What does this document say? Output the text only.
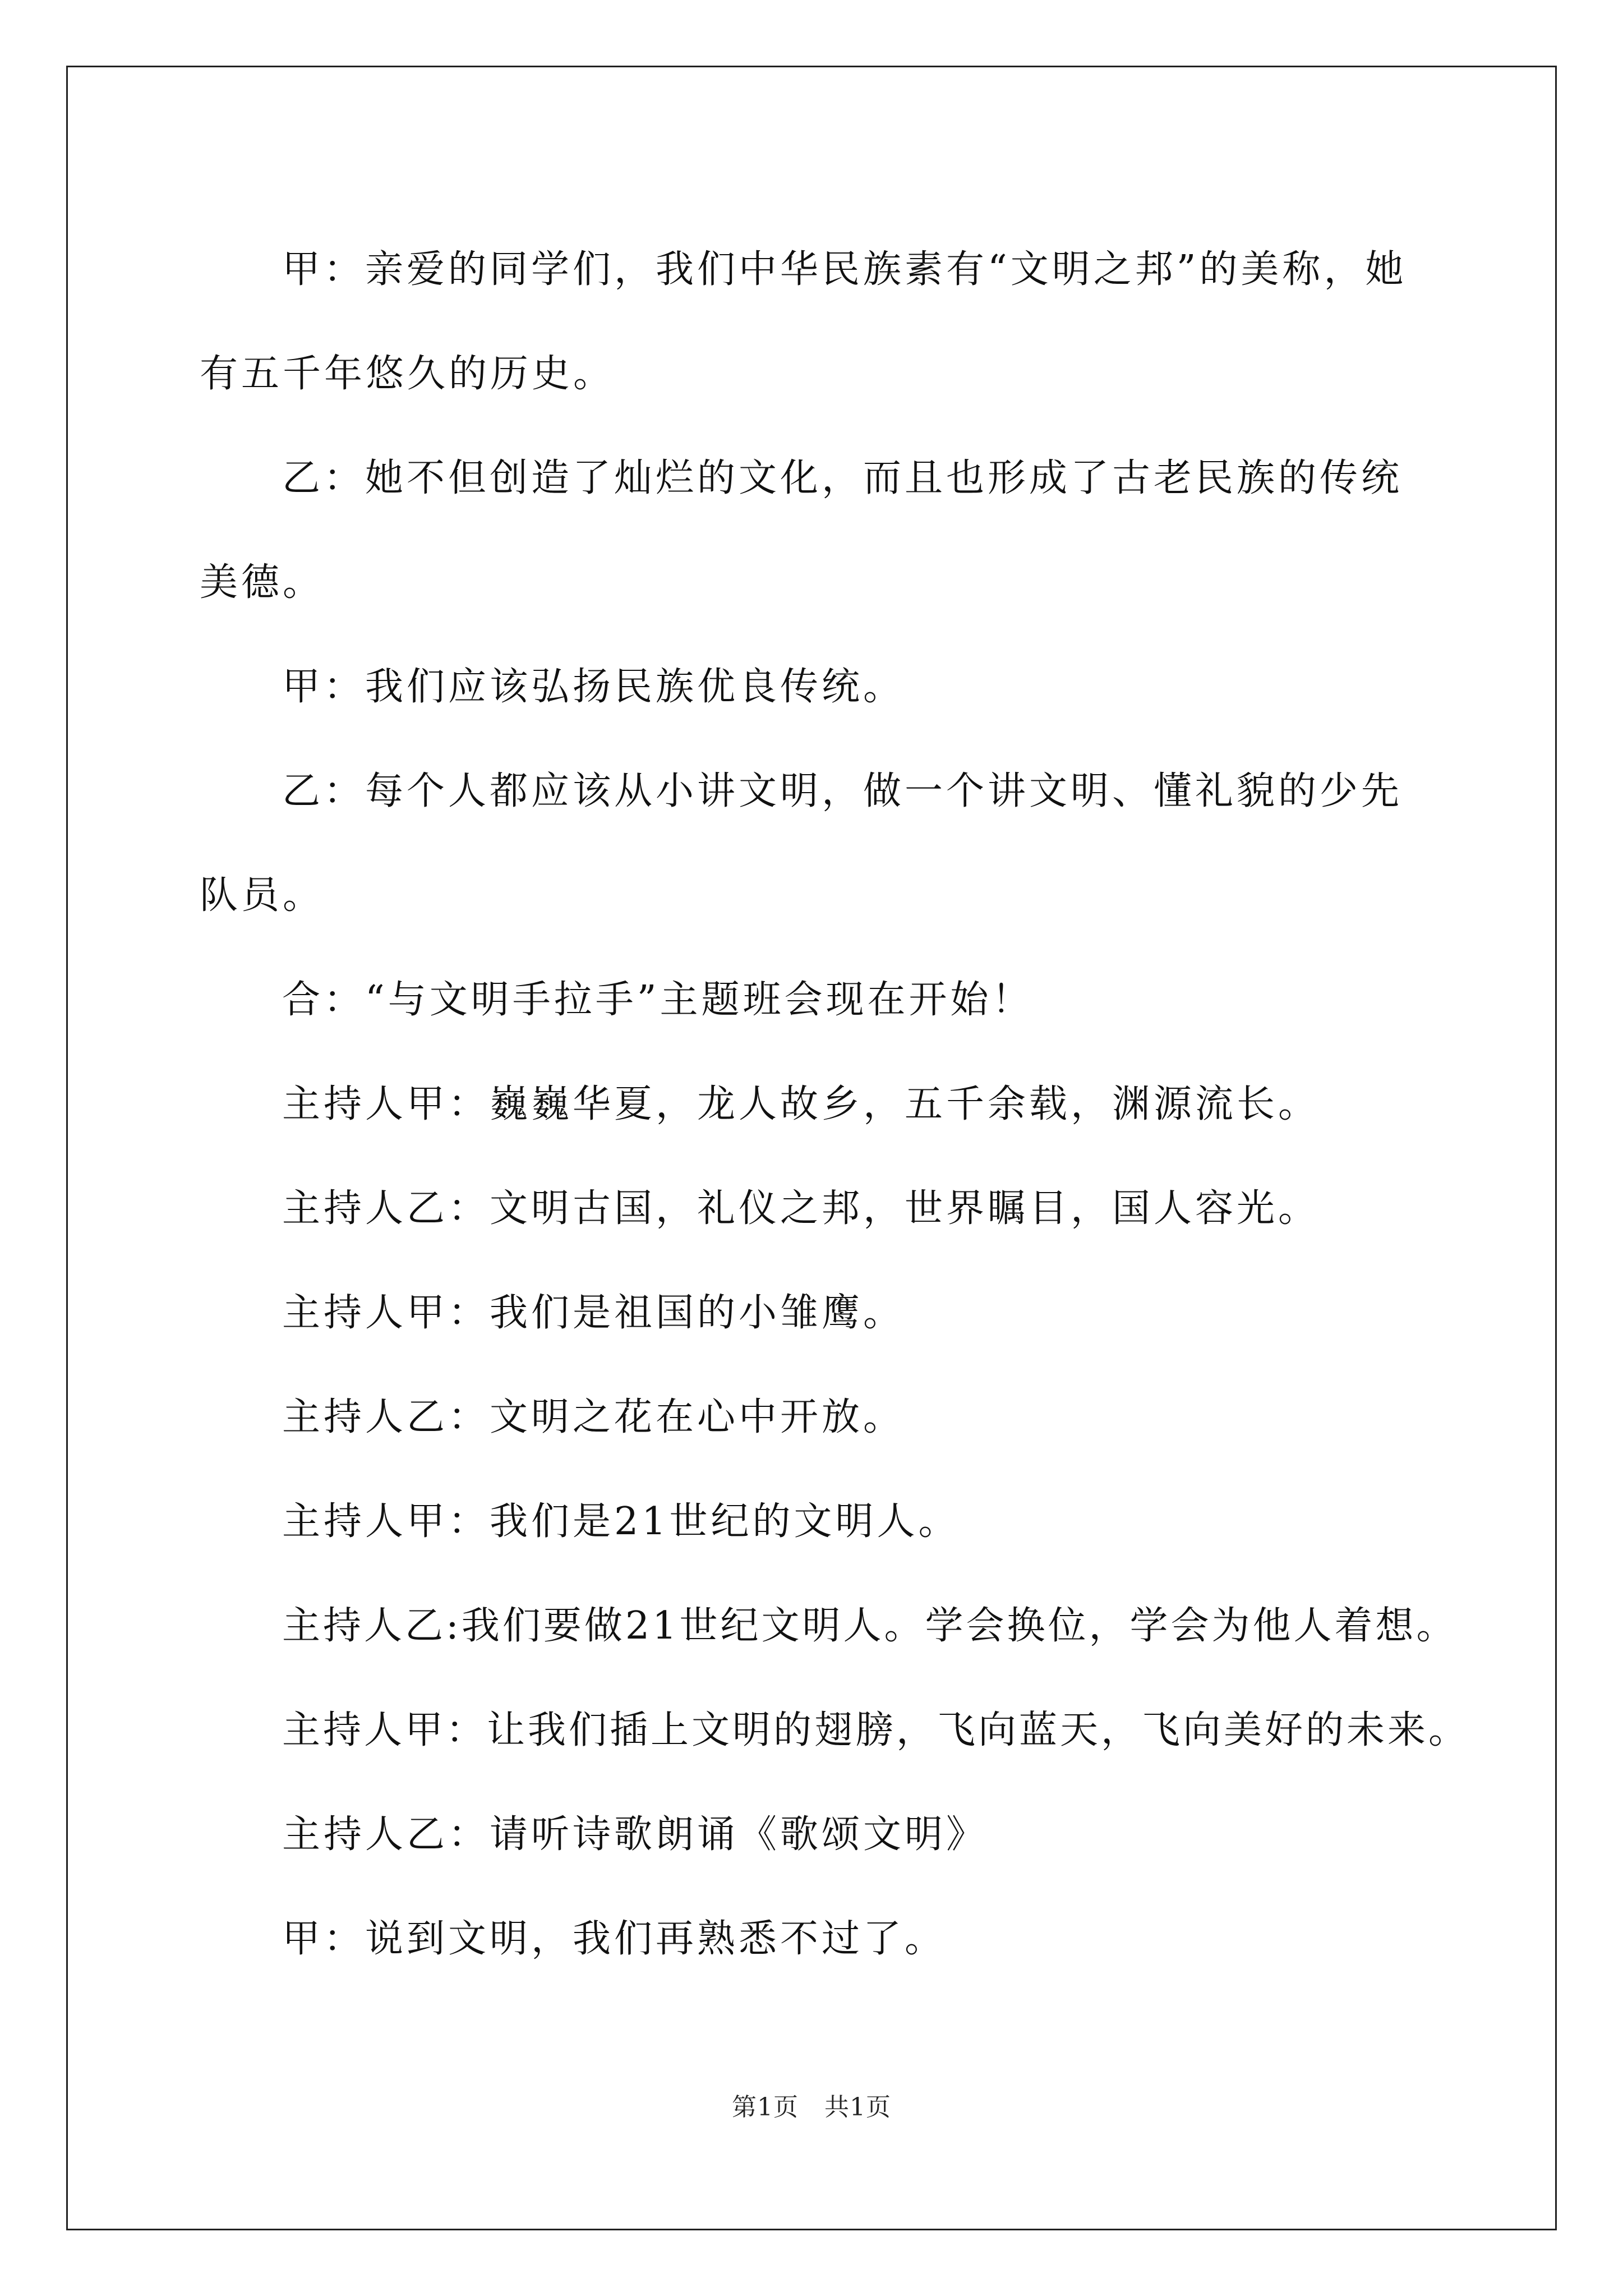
甲：亲爱的同学们，我们中华民族素有“文明之邦”的美称，她有五千年悠久的历史。

乙：她不但创造了灿烂的文化，而且也形成了古老民族的传统美德。

甲：我们应该弘扬民族优良传统。

乙：每个人都应该从小讲文明，做一个讲文明、懂礼貌的少先队员。

合：“与文明手拉手”主题班会现在开始！

主持人甲：巍巍华夏，龙人故乡，五千余载，渊源流长。

主持人乙：文明古国，礼仪之邦，世界瞩目，国人容光。

主持人甲：我们是祖国的小雏鹰。

主持人乙：文明之花在心中开放。

主持人甲：我们是21世纪的文明人。

主持人乙:我们要做21世纪文明人。学会换位，学会为他人着想。

主持人甲：让我们插上文明的翅膀，飞向蓝天，飞向美好的未来。

主持人乙：请听诗歌朗诵《歌颂文明》

甲：说到文明，我们再熟悉不过了。

第1页 共1页
